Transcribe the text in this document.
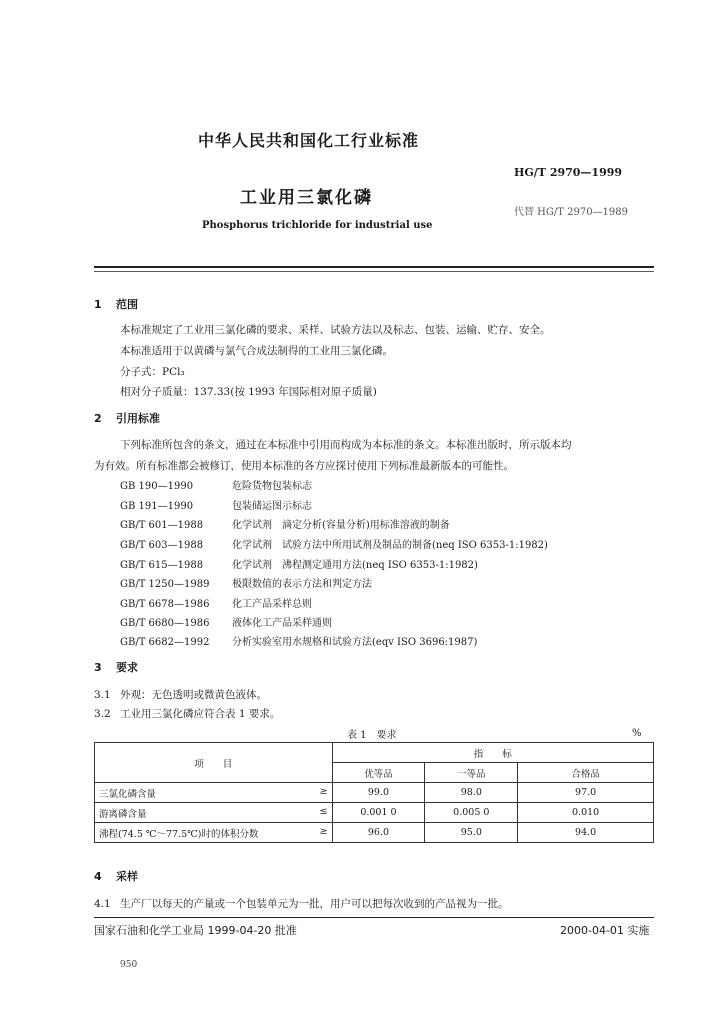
中华人民共和国化工行业标准
HG/T 2970—1999
工业用三氯化磷
代替 HG/T 2970—1989
Phosphorus trichloride for industrial use
1 范围
本标准规定了工业用三氯化磷的要求、采样、试验方法以及标志、包装、运输、贮存、安全。
本标准适用于以黄磷与氯气合成法制得的工业用三氯化磷。
分子式：PCl₃
相对分子质量：137.33(按 1993 年国际相对原子质量)
2 引用标准
下列标准所包含的条文，通过在本标准中引用而构成为本标准的条文。本标准出版时，所示版本均
为有效。所有标准都会被修订，使用本标准的各方应探讨使用下列标准最新版本的可能性。
GB 190—1990	危险货物包装标志
GB 191—1990	包装储运图示标志
GB/T 601—1988	化学试剂　滴定分析(容量分析)用标准溶液的制备
GB/T 603—1988	化学试剂　试验方法中所用试剂及制品的制备(neq ISO 6353-1:1982)
GB/T 615—1988	化学试剂　沸程测定通用方法(neq ISO 6353-1:1982)
GB/T 1250—1989 极限数值的表示方法和判定方法
GB/T 6678—1986 化工产品采样总则
GB/T 6680—1986 液体化工产品采样通则
GB/T 6682—1992 分析实验室用水规格和试验方法(eqv ISO 3696:1987)
3 要求
3.1 外观：无色透明或微黄色液体。
3.2 工业用三氯化磷应符合表 1 要求。
表 1　要求	%
项　　目	指　　标		
	优等品	一等品	合格品
三氯化磷含量 ≥	99.0	98.0	97.0
游离磷含量 ≤	0.001 0	0.005 0	0.010
沸程(74.5 ℃～77.5℃)时的体积分数 ≥	96.0	95.0	94.0
4 采样
4.1 生产厂以每天的产量或一个包装单元为一批，用户可以把每次收到的产品视为一批。
国家石油和化学工业局 1999-04-20 批准	2000-04-01 实施
950
